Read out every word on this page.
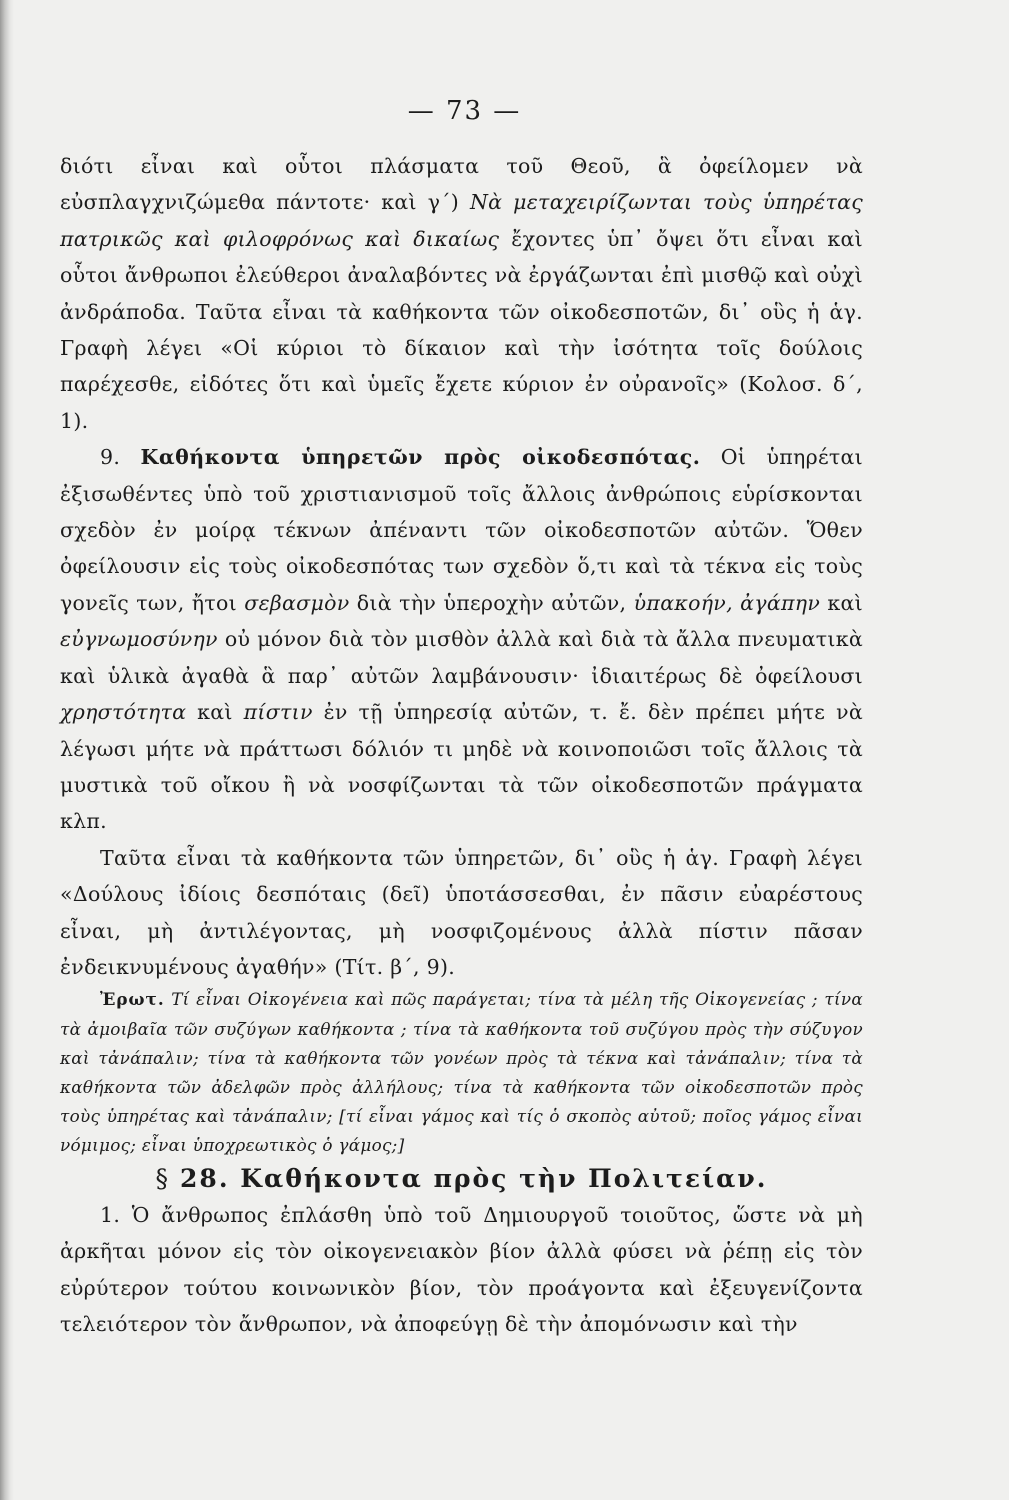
— 73 —

διότι εἶναι καὶ οὗτοι πλάσματα τοῦ Θεοῦ, ἃ ὀφείλομεν νὰ εὐσπλαγχνιζώμεθα πάντοτε· καὶ γ΄) Νὰ μεταχειρίζωνται τοὺς ὑπηρέτας πατρικῶς καὶ φιλοφρόνως καὶ δικαίως ἔχοντες ὑπ᾿ ὄψει ὅτι εἶναι καὶ οὗτοι ἄνθρωποι ἐλεύθεροι ἀναλαβόντες νὰ ἐργάζωνται ἐπὶ μισθῷ καὶ οὐχὶ ἀνδράποδα. Ταῦτα εἶναι τὰ καθήκοντα τῶν οἰκοδεσποτῶν, δι᾿ οὓς ἡ ἁγ. Γραφὴ λέγει «Οἱ κύριοι τὸ δίκαιον καὶ τὴν ἰσότητα τοῖς δούλοις παρέχεσθε, εἰδότες ὅτι καὶ ὑμεῖς ἔχετε κύριον ἐν οὐρανοῖς» (Κολοσ. δ΄, 1).

9. Καθήκοντα ὑπηρετῶν πρὸς οἰκοδεσπότας. Οἱ ὑπηρέται ἐξισωθέντες ὑπὸ τοῦ χριστιανισμοῦ τοῖς ἄλλοις ἀνθρώποις εὑρίσκονται σχεδὸν ἐν μοίρᾳ τέκνων ἀπέναντι τῶν οἰκοδεσποτῶν αὐτῶν. Ὅθεν ὀφείλουσιν εἰς τοὺς οἰκοδεσπότας των σχεδὸν ὅ,τι καὶ τὰ τέκνα εἰς τοὺς γονεῖς των, ἤτοι σεβασμὸν διὰ τὴν ὑπεροχὴν αὐτῶν, ὑπακοήν, ἀγάπην καὶ εὐγνωμοσύνην οὐ μόνον διὰ τὸν μισθὸν ἀλλὰ καὶ διὰ τὰ ἄλλα πνευματικὰ καὶ ὑλικὰ ἀγαθὰ ἃ παρ᾿ αὐτῶν λαμβάνουσιν· ἰδιαιτέρως δὲ ὀφείλουσι χρηστότητα καὶ πίστιν ἐν τῇ ὑπηρεσίᾳ αὐτῶν, τ. ἔ. δὲν πρέπει μήτε νὰ λέγωσι μήτε νὰ πράττωσι δόλιόν τι μηδὲ νὰ κοινοποιῶσι τοῖς ἄλλοις τὰ μυστικὰ τοῦ οἴκου ἢ νὰ νοσφίζωνται τὰ τῶν οἰκοδεσποτῶν πράγματα κλπ.

Ταῦτα εἶναι τὰ καθήκοντα τῶν ὑπηρετῶν, δι᾿ οὓς ἡ ἁγ. Γραφὴ λέγει «Δούλους ἰδίοις δεσπόταις (δεῖ) ὑποτάσσεσθαι, ἐν πᾶσιν εὐαρέστους εἶναι, μὴ ἀντιλέγοντας, μὴ νοσφιζομένους ἀλλὰ πίστιν πᾶσαν ἐνδεικνυμένους ἀγαθήν» (Τίτ. β΄, 9).

Ἐρωτ. Τί εἶναι Οἰκογένεια καὶ πῶς παράγεται; τίνα τὰ μέλη τῆς Οἰκογενείας ; τίνα τὰ ἀμοιβαῖα τῶν συζύγων καθήκοντα ; τίνα τὰ καθήκοντα τοῦ συζύγου πρὸς τὴν σύζυγον καὶ τἀνάπαλιν; τίνα τὰ καθήκοντα τῶν γονέων πρὸς τὰ τέκνα καὶ τἀνάπαλιν; τίνα τὰ καθήκοντα τῶν ἀδελφῶν πρὸς ἀλλήλους; τίνα τὰ καθήκοντα τῶν οἰκοδεσποτῶν πρὸς τοὺς ὑπηρέτας καὶ τἀνάπαλιν; [τί εἶναι γάμος καὶ τίς ὁ σκοπὸς αὐτοῦ; ποῖος γάμος εἶναι νόμιμος; εἶναι ὑποχρεωτικὸς ὁ γάμος;]

§ 28. Καθήκοντα πρὸς τὴν Πολιτείαν.

1. Ὁ ἄνθρωπος ἐπλάσθη ὑπὸ τοῦ Δημιουργοῦ τοιοῦτος, ὥστε νὰ μὴ ἀρκῆται μόνον εἰς τὸν οἰκογενειακὸν βίον ἀλλὰ φύσει νὰ ῥέπῃ εἰς τὸν εὐρύτερον τούτου κοινωνικὸν βίον, τὸν προάγοντα καὶ ἐξευγενίζοντα τελειότερον τὸν ἄνθρωπον, νὰ ἀποφεύγῃ δὲ τὴν ἀπομόνωσιν καὶ τὴν
